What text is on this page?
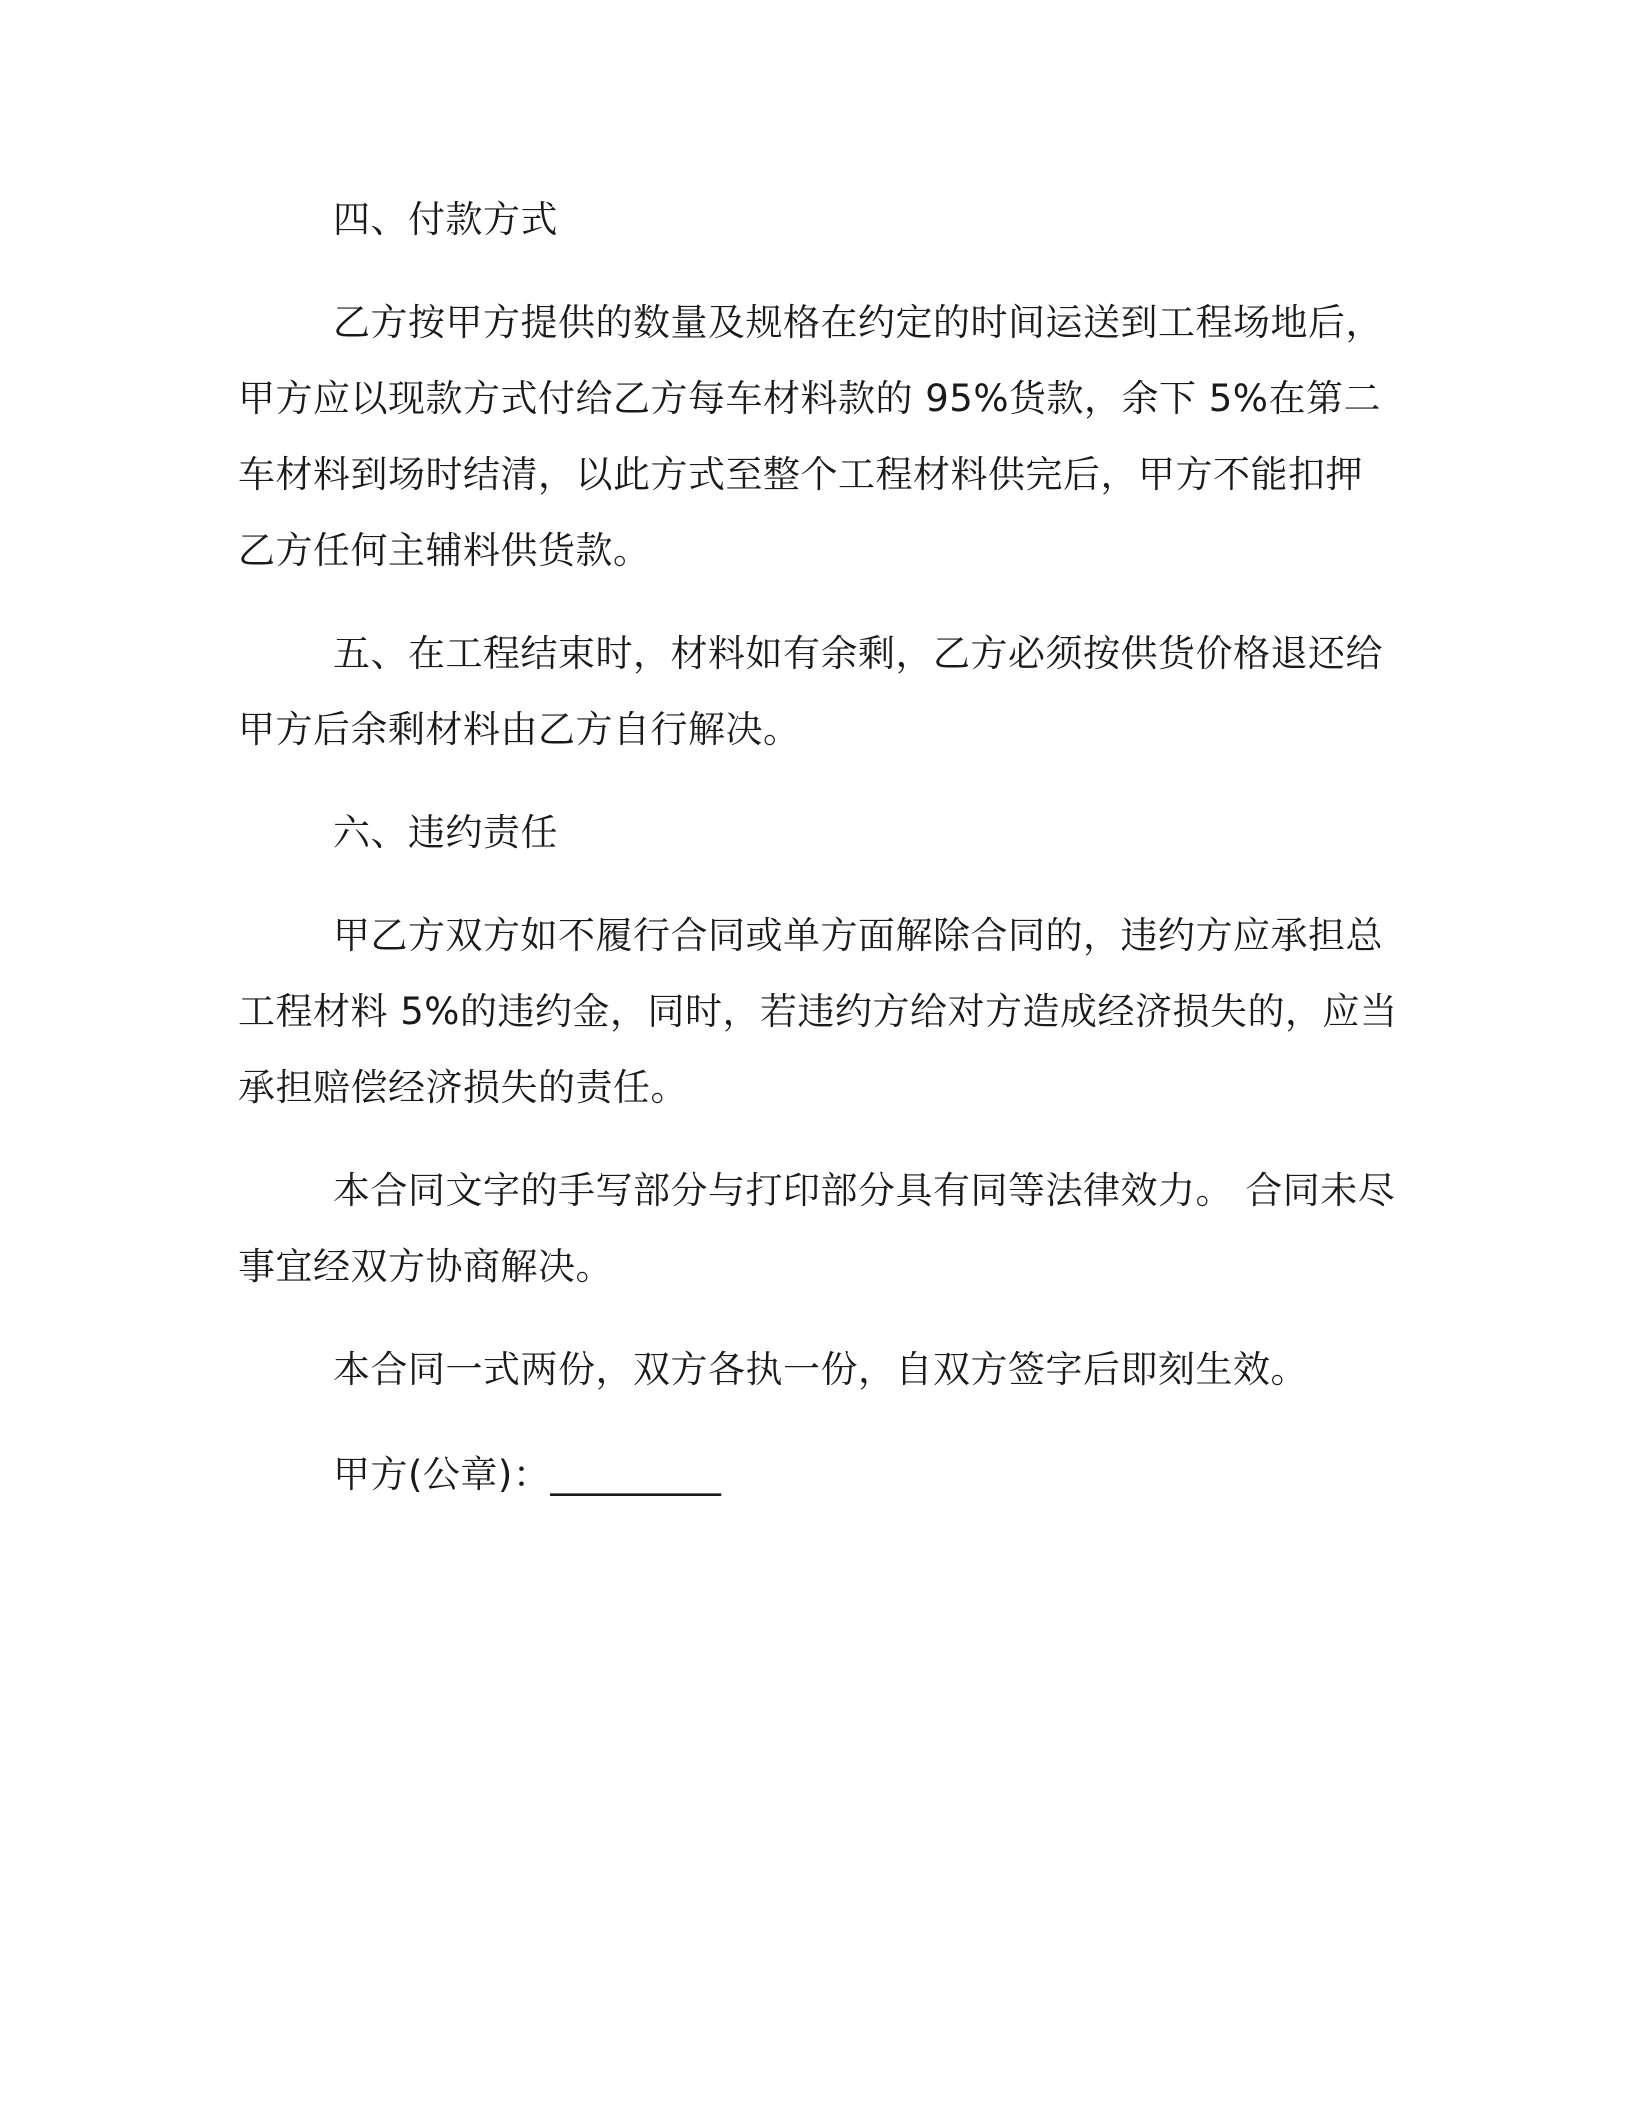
四、付款方式
乙方按甲方提供的数量及规格在约定的时间运送到工程场地后，
甲方应以现款方式付给乙方每车材料款的 95%货款，余下 5%在第二
车材料到场时结清，以此方式至整个工程材料供完后，甲方不能扣押
乙方任何主辅料供货款。
五、在工程结束时，材料如有余剩，乙方必须按供货价格退还给
甲方后余剩材料由乙方自行解决。
六、违约责任
甲乙方双方如不履行合同或单方面解除合同的，违约方应承担总
工程材料 5%的违约金，同时，若违约方给对方造成经济损失的，应当
承担赔偿经济损失的责任。
本合同文字的手写部分与打印部分具有同等法律效力。 合同未尽
事宜经双方协商解决。
本合同一式两份，双方各执一份，自双方签字后即刻生效。
甲方(公章)：_________
